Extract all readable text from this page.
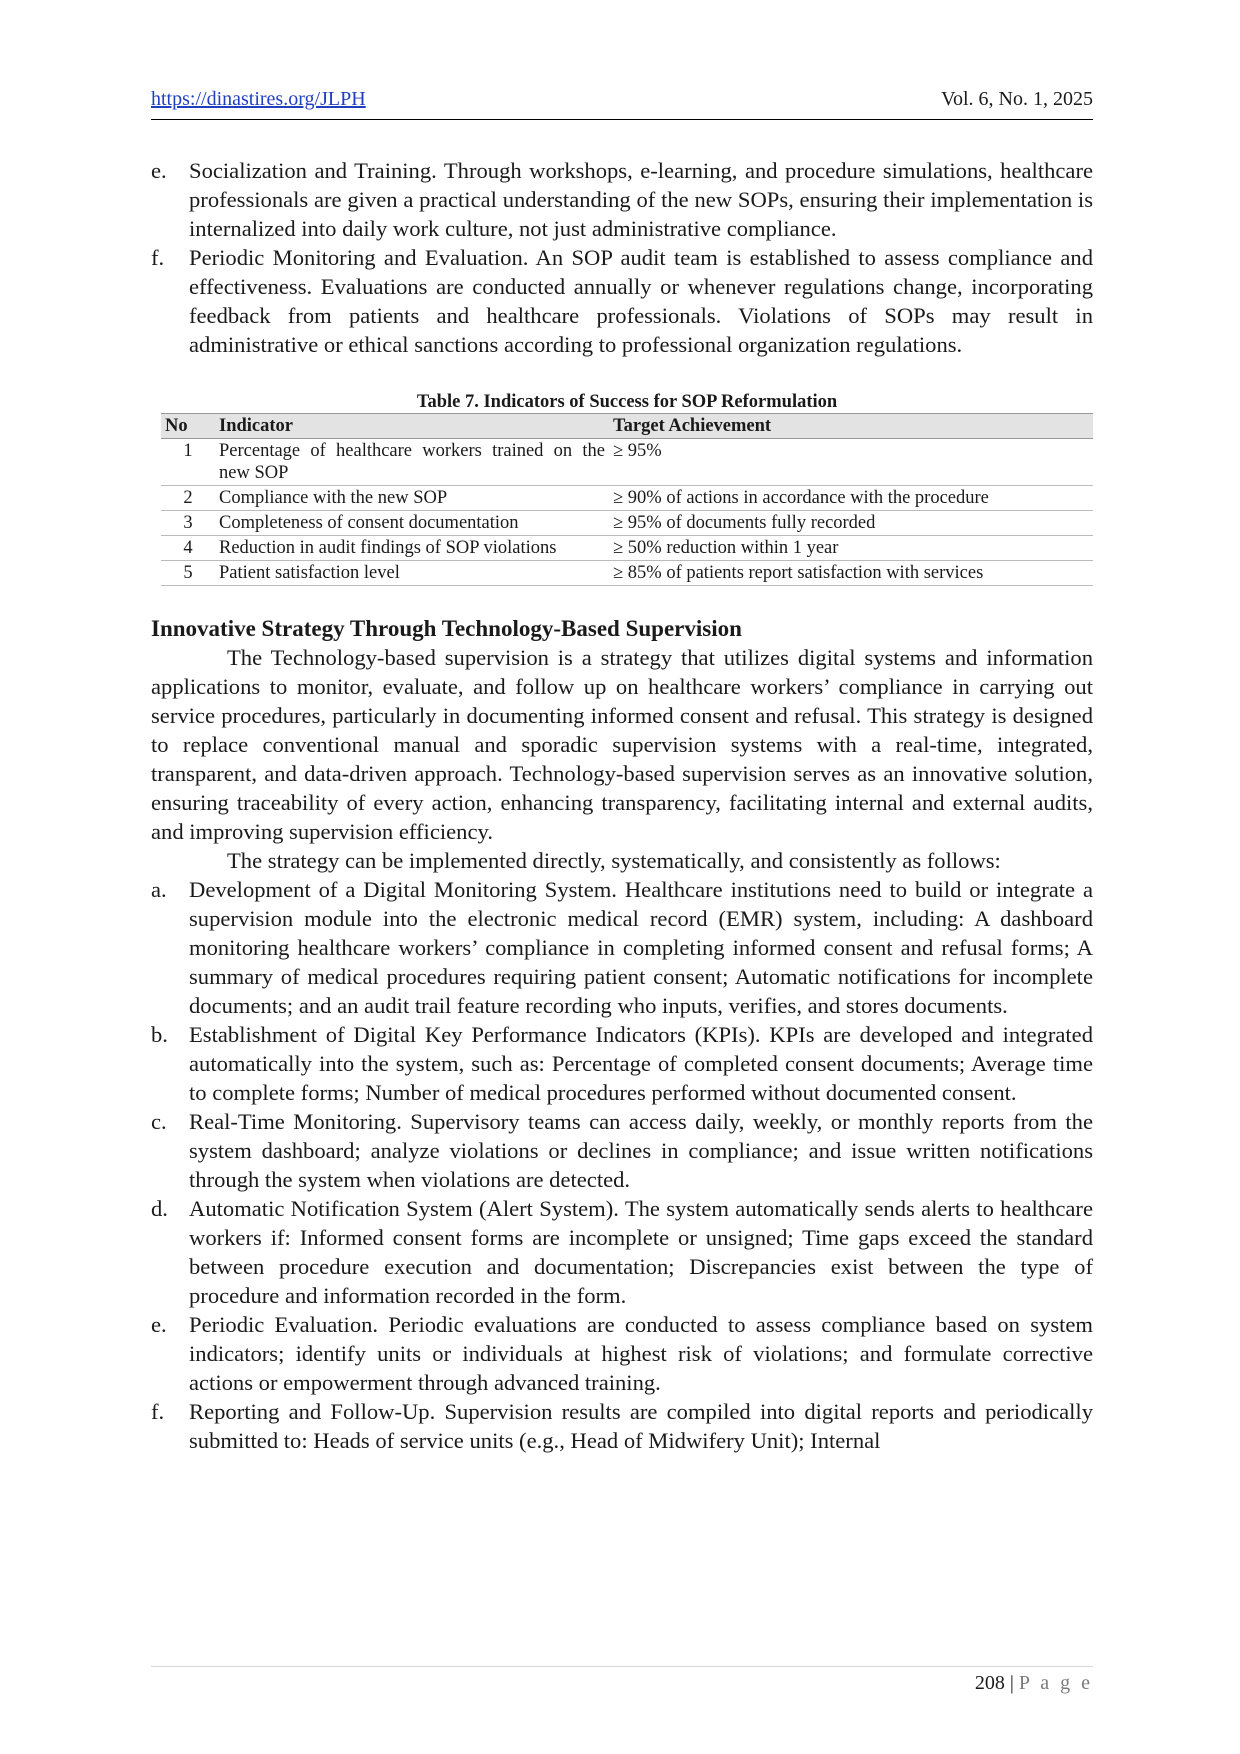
https://dinastires.org/JLPH	Vol. 6, No. 1, 2025
e. Socialization and Training. Through workshops, e-learning, and procedure simulations, healthcare professionals are given a practical understanding of the new SOPs, ensuring their implementation is internalized into daily work culture, not just administrative compliance.
f.	Periodic Monitoring and Evaluation. An SOP audit team is established to assess compliance and effectiveness. Evaluations are conducted annually or whenever regulations change, incorporating feedback from patients and healthcare professionals. Violations of SOPs may result in administrative or ethical sanctions according to professional organization regulations.
Table 7. Indicators of Success for SOP Reformulation
No	Indicator	Target Achievement
1	Percentage of healthcare workers trained on the new SOP	≥ 95%
2	Compliance with the new SOP	≥ 90% of actions in accordance with the procedure
3	Completeness of consent documentation	≥ 95% of documents fully recorded
4	Reduction in audit findings of SOP violations	≥ 50% reduction within 1 year
5	Patient satisfaction level	≥ 85% of patients report satisfaction with services
Innovative Strategy Through Technology-Based Supervision
The Technology-based supervision is a strategy that utilizes digital systems and information applications to monitor, evaluate, and follow up on healthcare workers’ compliance in carrying out service procedures, particularly in documenting informed consent and refusal. This strategy is designed to replace conventional manual and sporadic supervision systems with a real-time, integrated, transparent, and data-driven approach. Technology-based supervision serves as an innovative solution, ensuring traceability of every action, enhancing transparency, facilitating internal and external audits, and improving supervision efficiency.
The strategy can be implemented directly, systematically, and consistently as follows:
a. Development of a Digital Monitoring System. Healthcare institutions need to build or integrate a supervision module into the electronic medical record (EMR) system, including: A dashboard monitoring healthcare workers’ compliance in completing informed consent and refusal forms; A summary of medical procedures requiring patient consent; Automatic notifications for incomplete documents; and an audit trail feature recording who inputs, verifies, and stores documents.
b. Establishment of Digital Key Performance Indicators (KPIs). KPIs are developed and integrated automatically into the system, such as: Percentage of completed consent documents; Average time to complete forms; Number of medical procedures performed without documented consent.
c. Real-Time Monitoring. Supervisory teams can access daily, weekly, or monthly reports from the system dashboard; analyze violations or declines in compliance; and issue written notifications through the system when violations are detected.
d. Automatic Notification System (Alert System). The system automatically sends alerts to healthcare workers if: Informed consent forms are incomplete or unsigned; Time gaps exceed the standard between procedure execution and documentation; Discrepancies exist between the type of procedure and information recorded in the form.
e. Periodic Evaluation. Periodic evaluations are conducted to assess compliance based on system indicators; identify units or individuals at highest risk of violations; and formulate corrective actions or empowerment through advanced training.
f.	Reporting and Follow-Up. Supervision results are compiled into digital reports and periodically submitted to: Heads of service units (e.g., Head of Midwifery Unit); Internal
208 | P a g e
